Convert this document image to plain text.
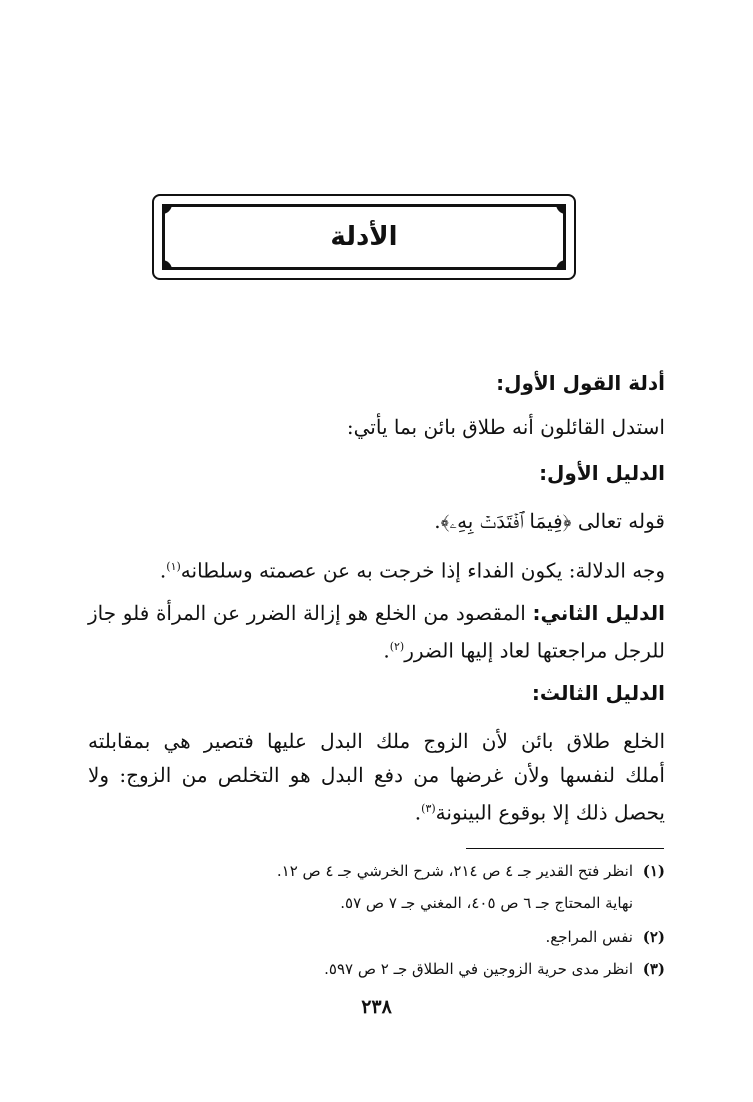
الأدلة
أدلة القول الأول:
استدل القائلون أنه طلاق بائن بما يأتي:
الدليل الأول:
قوله تعالى ﴿فِيمَا ٱفۡتَدَتۡ بِهِۦ﴾.
وجه الدلالة: يكون الفداء إذا خرجت به عن عصمته وسلطانه$^{(١)}$.
الدليل الثاني: المقصود من الخلع هو إزالة الضرر عن المرأة فلو جاز
للرجل مراجعتها لعاد إليها الضرر$^{(٢)}$.
الدليل الثالث:
الخلع طلاق بائن لأن الزوج ملك البدل عليها فتصير هي بمقابلته
أملك لنفسها ولأن غرضها من دفع البدل هو التخلص من الزوج: ولا
يحصل ذلك إلا بوقوع البينونة$^{(٣)}$.
(١)انظر فتح القدير جـ ٤ ص ٢١٤، شرح الخرشي جـ ٤ ص ١٢.
نهاية المحتاج جـ ٦ ص ٤٠٥، المغني جـ ٧ ص ٥٧.
(٢)نفس المراجع.
(٣)انظر مدى حرية الزوجين في الطلاق جـ ٢ ص ٥٩٧.
٢٣٨
